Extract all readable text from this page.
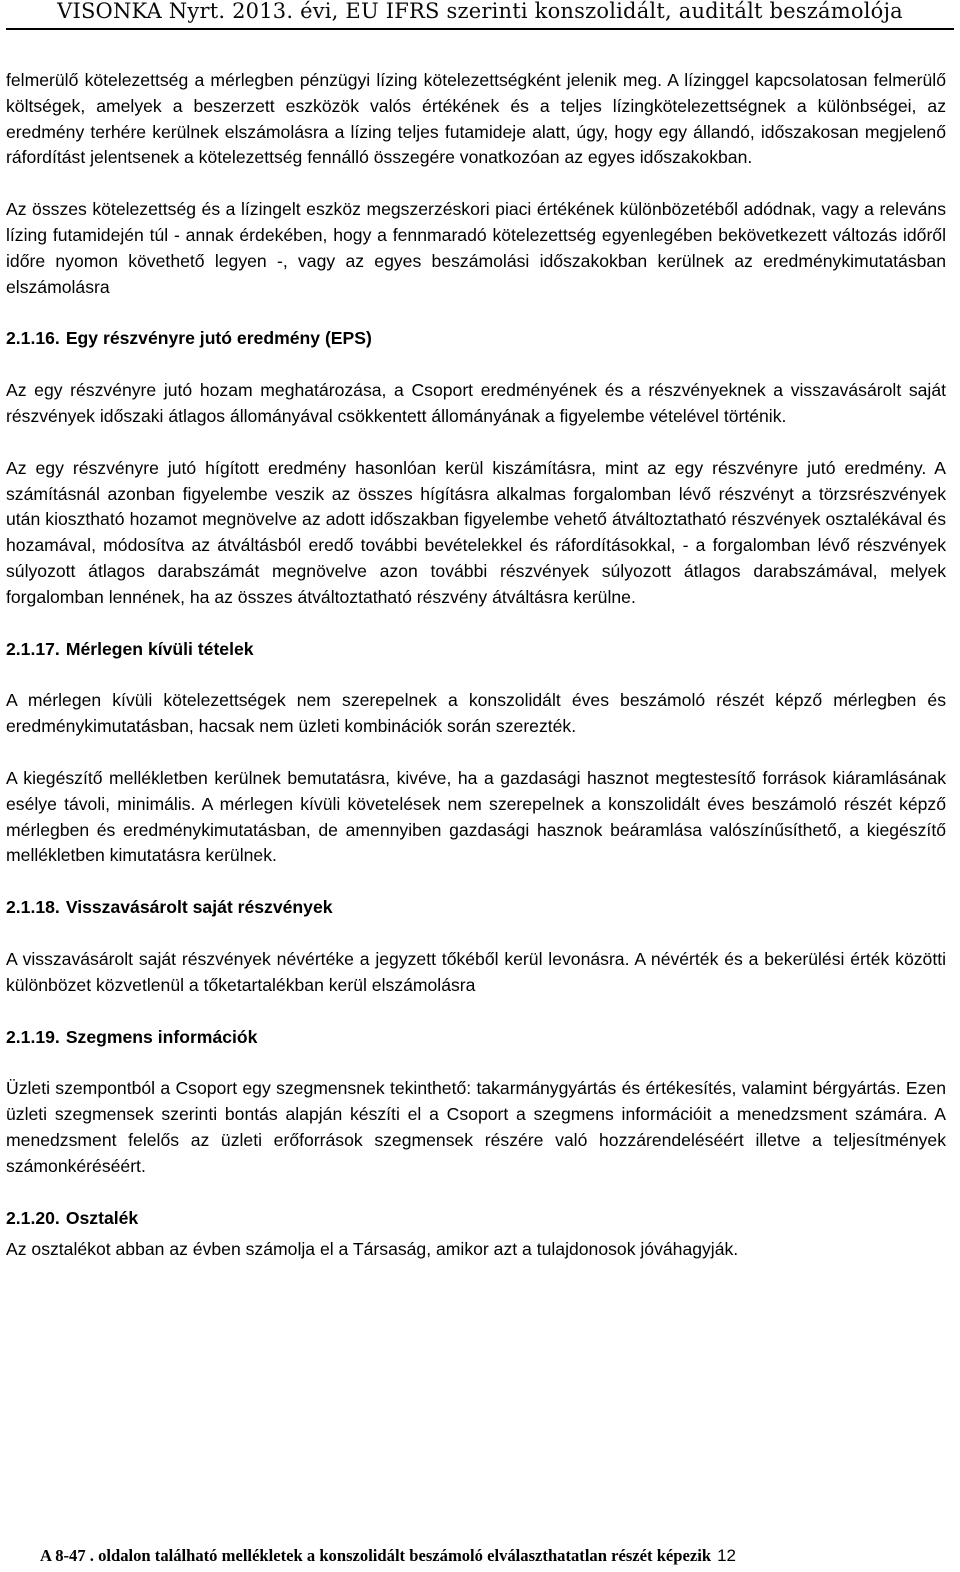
VISONKA Nyrt. 2013. évi, EU IFRS szerinti konszolidált, auditált beszámolója

felmerülő kötelezettség a mérlegben pénzügyi lízing kötelezettségként jelenik meg. A lízinggel kapcsolatosan felmerülő költségek, amelyek a beszerzett eszközök valós értékének és a teljes lízingkötelezettségnek a különbségei, az eredmény terhére kerülnek elszámolásra a lízing teljes futamideje alatt, úgy, hogy egy állandó, időszakosan megjelenő ráfordítást jelentsenek a kötelezettség fennálló összegére vonatkozóan az egyes időszakokban.

Az összes kötelezettség és a lízingelt eszköz megszerzéskori piaci értékének különbözetéből adódnak, vagy a releváns lízing futamidején túl - annak érdekében, hogy a fennmaradó kötelezettség egyenlegében bekövetkezett változás időről időre nyomon követhető legyen -, vagy az egyes beszámolási időszakokban kerülnek az eredménykimutatásban elszámolásra

2.1.16. Egy részvényre jutó eredmény (EPS)

Az egy részvényre jutó hozam meghatározása, a Csoport eredményének és a részvényeknek a visszavásárolt saját részvények időszaki átlagos állományával csökkentett állományának a figyelembe vételével történik.

Az egy részvényre jutó hígított eredmény hasonlóan kerül kiszámításra, mint az egy részvényre jutó eredmény. A számításnál azonban figyelembe veszik az összes hígításra alkalmas forgalomban lévő részvényt a törzsrészvények után kiosztható hozamot megnövelve az adott időszakban figyelembe vehető átváltoztatható részvények osztalékával és hozamával, módosítva az átváltásból eredő további bevételekkel és ráfordításokkal, - a forgalomban lévő részvények súlyozott átlagos darabszámát megnövelve azon további részvények súlyozott átlagos darabszámával, melyek forgalomban lennének, ha az összes átváltoztatható részvény átváltásra kerülne.

2.1.17. Mérlegen kívüli tételek

A mérlegen kívüli kötelezettségek nem szerepelnek a konszolidált éves beszámoló részét képző mérlegben és eredménykimutatásban, hacsak nem üzleti kombinációk során szerezték.

A kiegészítő mellékletben kerülnek bemutatásra, kivéve, ha a gazdasági hasznot megtestesítő források kiáramlásának esélye távoli, minimális. A mérlegen kívüli követelések nem szerepelnek a konszolidált éves beszámoló részét képző mérlegben és eredménykimutatásban, de amennyiben gazdasági hasznok beáramlása valószínűsíthető, a kiegészítő mellékletben kimutatásra kerülnek.

2.1.18. Visszavásárolt saját részvények

A visszavásárolt saját részvények névértéke a jegyzett tőkéből kerül levonásra. A névérték és a bekerülési érték közötti különbözet közvetlenül a tőketartalékban kerül elszámolásra

2.1.19. Szegmens információk

Üzleti szempontból a Csoport egy szegmensnek tekinthető: takarmánygyártás és értékesítés, valamint bérgyártás. Ezen üzleti szegmensek szerinti bontás alapján készíti el a Csoport a szegmens információit a menedzsment számára. A menedzsment felelős az üzleti erőforrások szegmensek részére való hozzárendeléséért illetve a teljesítmények számonkéréséért.

2.1.20. Osztalék

Az osztalékot abban az évben számolja el a Társaság, amikor azt a tulajdonosok jóváhagyják.

A 8-47 . oldalon található mellékletek a konszolidált beszámoló elválaszthatatlan részét képezik 12
